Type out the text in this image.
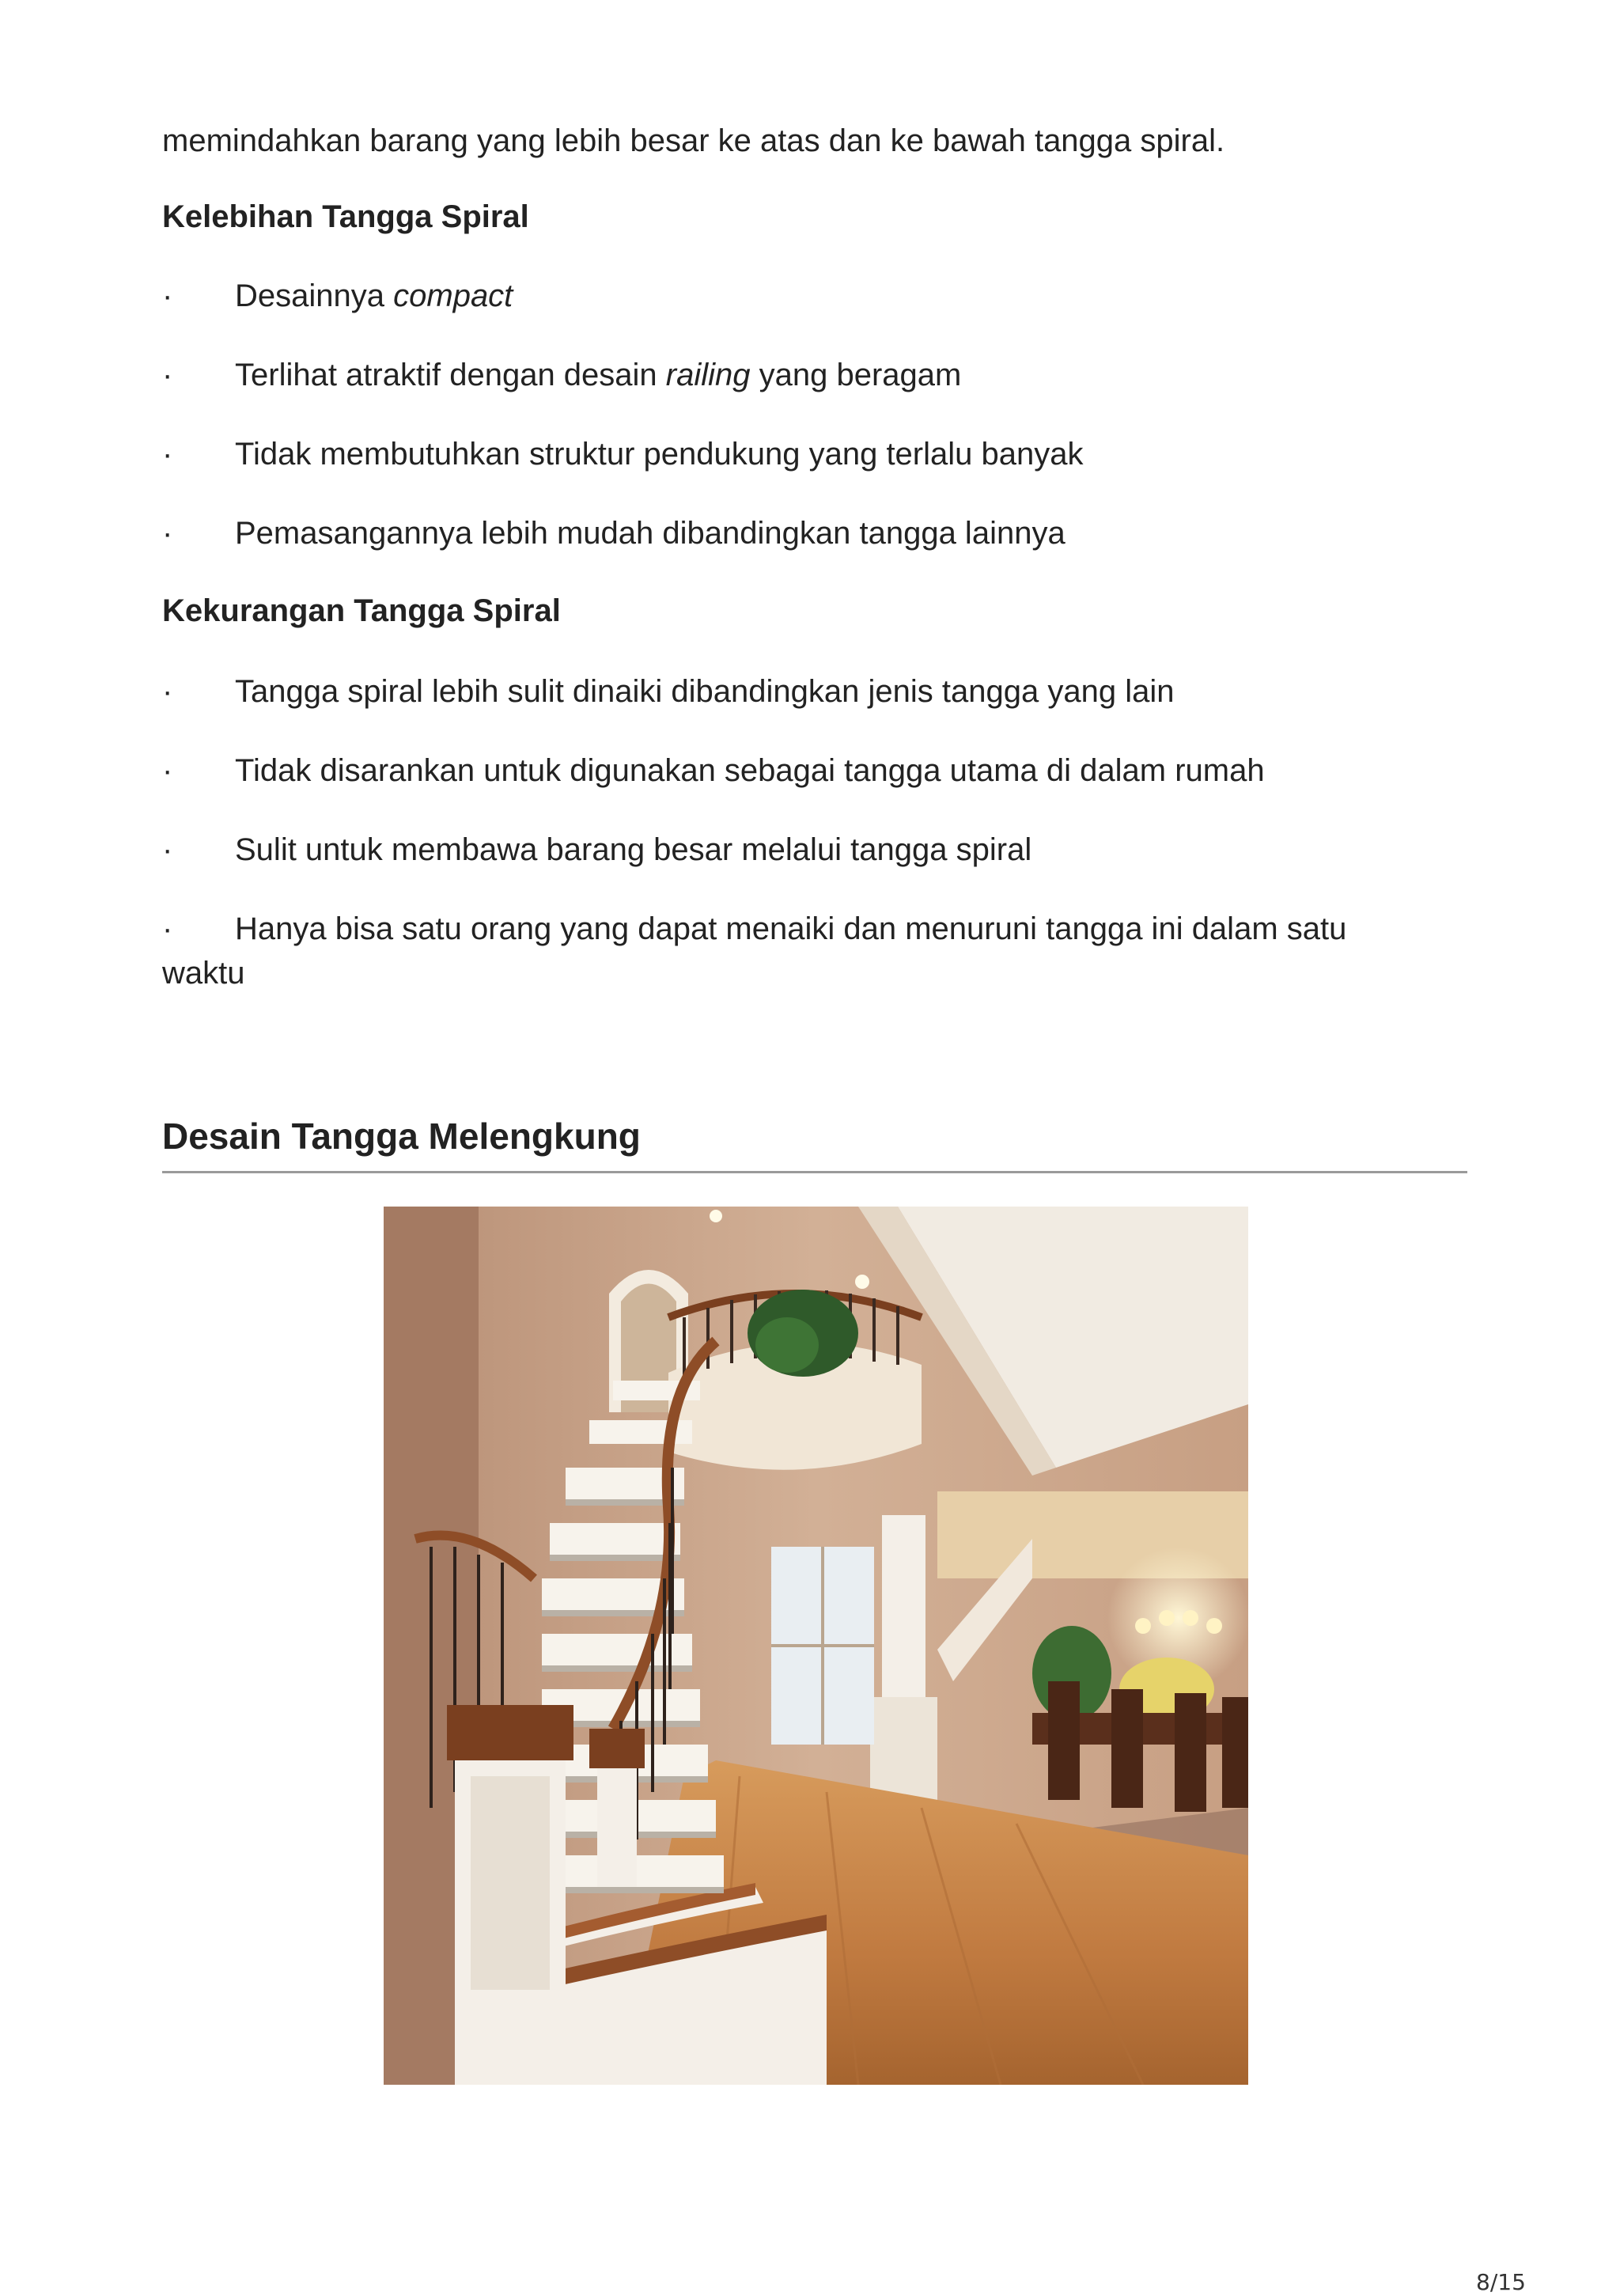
memindahkan barang yang lebih besar ke atas dan ke bawah tangga spiral.

Kelebihan Tangga Spiral

·	Desainnya compact
·	Terlihat atraktif dengan desain railing yang beragam
·	Tidak membutuhkan struktur pendukung yang terlalu banyak
·	Pemasangannya lebih mudah dibandingkan tangga lainnya

Kekurangan Tangga Spiral

·	Tangga spiral lebih sulit dinaiki dibandingkan jenis tangga yang lain
·	Tidak disarankan untuk digunakan sebagai tangga utama di dalam rumah
·	Sulit untuk membawa barang besar melalui tangga spiral
·	Hanya bisa satu orang yang dapat menaiki dan menuruni tangga ini dalam satu
waktu
Desain Tangga Melengkung
8/15
